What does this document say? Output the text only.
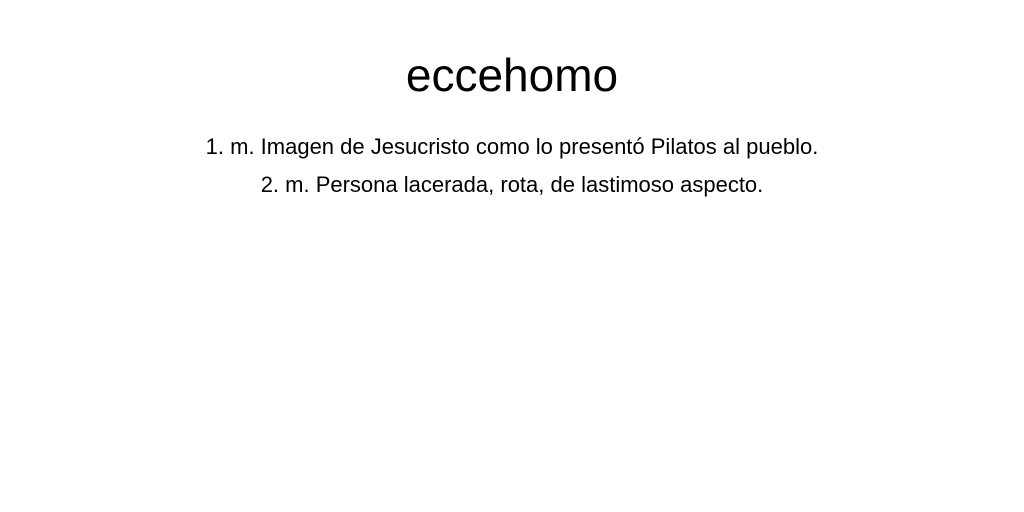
eccehomo
1. m. Imagen de Jesucristo como lo presentó Pilatos al pueblo.
2. m. Persona lacerada, rota, de lastimoso aspecto.
